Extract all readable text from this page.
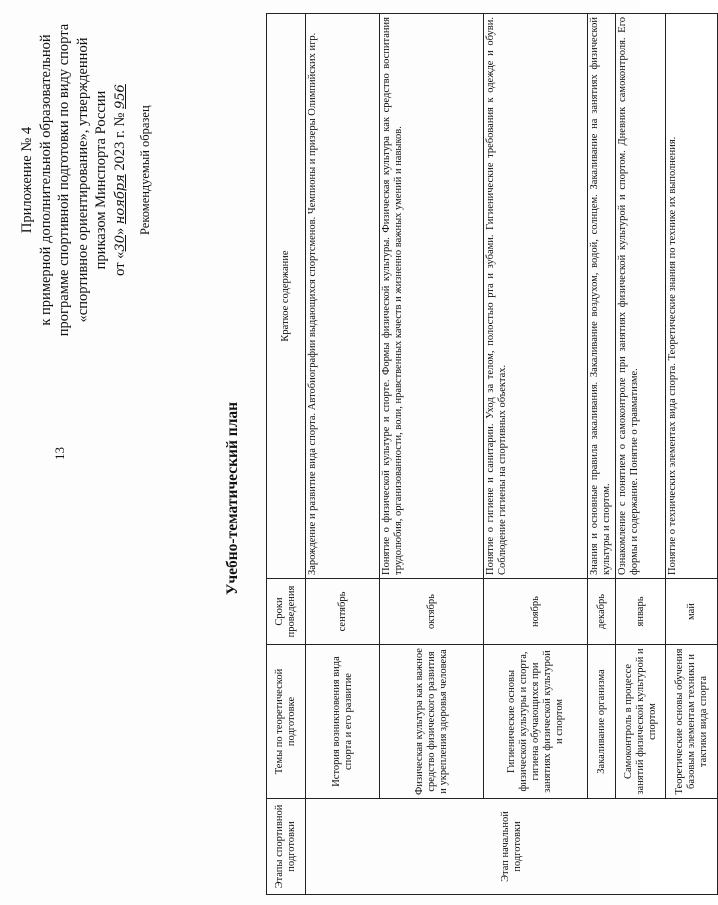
13
Приложение № 4 к примерной дополнительной образовательной программе спортивной подготовки по виду спорта «спортивное ориентирование», утвержденной приказом Минспорта России от «30» ноября 2023 г. № 956
Рекомендуемый образец
Учебно-тематический план
Этапы спортивной подготовки	Темы по теоретической подготовке	Сроки проведения	Краткое содержание
Этап начальной подготовки	История возникновения вида спорта и его развитие	сентябрь	Зарождение и развитие вида спорта. Автобиографии выдающихся спортсменов. Чемпионы и призеры Олимпийских игр.
	Физическая культура как важное средство физического развития и укрепления здоровья человека	октябрь	Понятие о физической культуре и спорте. Формы физической культуры. Физическая культура как средство воспитания трудолюбия, организованности, воли, нравственных качеств и жизненно важных умений и навыков.
	Гигиенические основы физической культуры и спорта, гигиена обучающихся при занятиях физической культурой и спортом	ноябрь	Понятие о гигиене и санитарии. Уход за телом, полостью рта и зубами. Гигиенические требования к одежде и обуви. Соблюдение гигиены на спортивных объектах.
	Закаливание организма	декабрь	Знания и основные правила закаливания. Закаливание воздухом, водой, солнцем. Закаливание на занятиях физической культуры и спортом.
	Самоконтроль в процессе занятий физической культурой и спортом	январь	Ознакомление с понятием о самоконтроле при занятиях физической культурой и спортом. Дневник самоконтроля. Его формы и содержание. Понятие о травматизме.
	Теоретические основы обучения базовым элементам техники и тактики вида спорта	май	Понятие о технических элементах вида спорта. Теоретические знания по технике их выполнения.
